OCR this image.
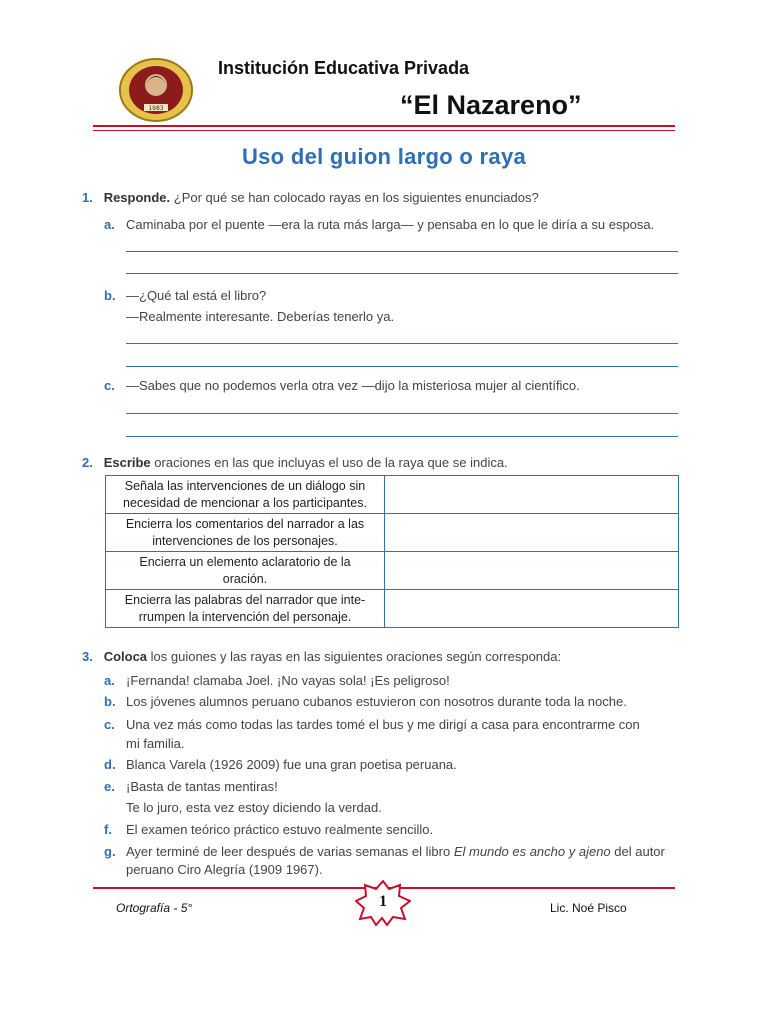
1983
Institución Educativa Privada
“El Nazareno”
Uso del guion largo o raya
1. Responde. ¿Por qué se han colocado rayas en los siguientes enunciados?
a. Caminaba por el puente —era la ruta más larga— y pensaba en lo que le diría a su esposa.
b. —¿Qué tal está el libro?
—Realmente interesante. Deberías tenerlo ya.
c. —Sabes que no podemos verla otra vez —dijo la misteriosa mujer al científico.
2. Escribe oraciones en las que incluyas el uso de la raya que se indica.
Señala las intervenciones de un diálogo sin
necesidad de mencionar a los participantes.	
Encierra los comentarios del narrador a las
intervenciones de los personajes.	
Encierra un elemento aclaratorio de la
oración.	
Encierra las palabras del narrador que inte-
rrumpen la intervención del personaje.	
3. Coloca los guiones y las rayas en las siguientes oraciones según corresponda:
a. ¡Fernanda! clamaba Joel. ¡No vayas sola! ¡Es peligroso!
b. Los jóvenes alumnos peruano cubanos estuvieron con nosotros durante toda la noche.
c. Una vez más como todas las tardes tomé el bus y me dirigí a casa para encontrarme con
mi familia.
d. Blanca Varela (1926 2009) fue una gran poetisa peruana.
e. ¡Basta de tantas mentiras!
Te lo juro, esta vez estoy diciendo la verdad.
f. El examen teórico práctico estuvo realmente sencillo.
g. Ayer terminé de leer después de varias semanas el libro El mundo es ancho y ajeno del autor
peruano Ciro Alegría (1909 1967).
Ortografía - 5°	1	Lic. Noé Pisco
